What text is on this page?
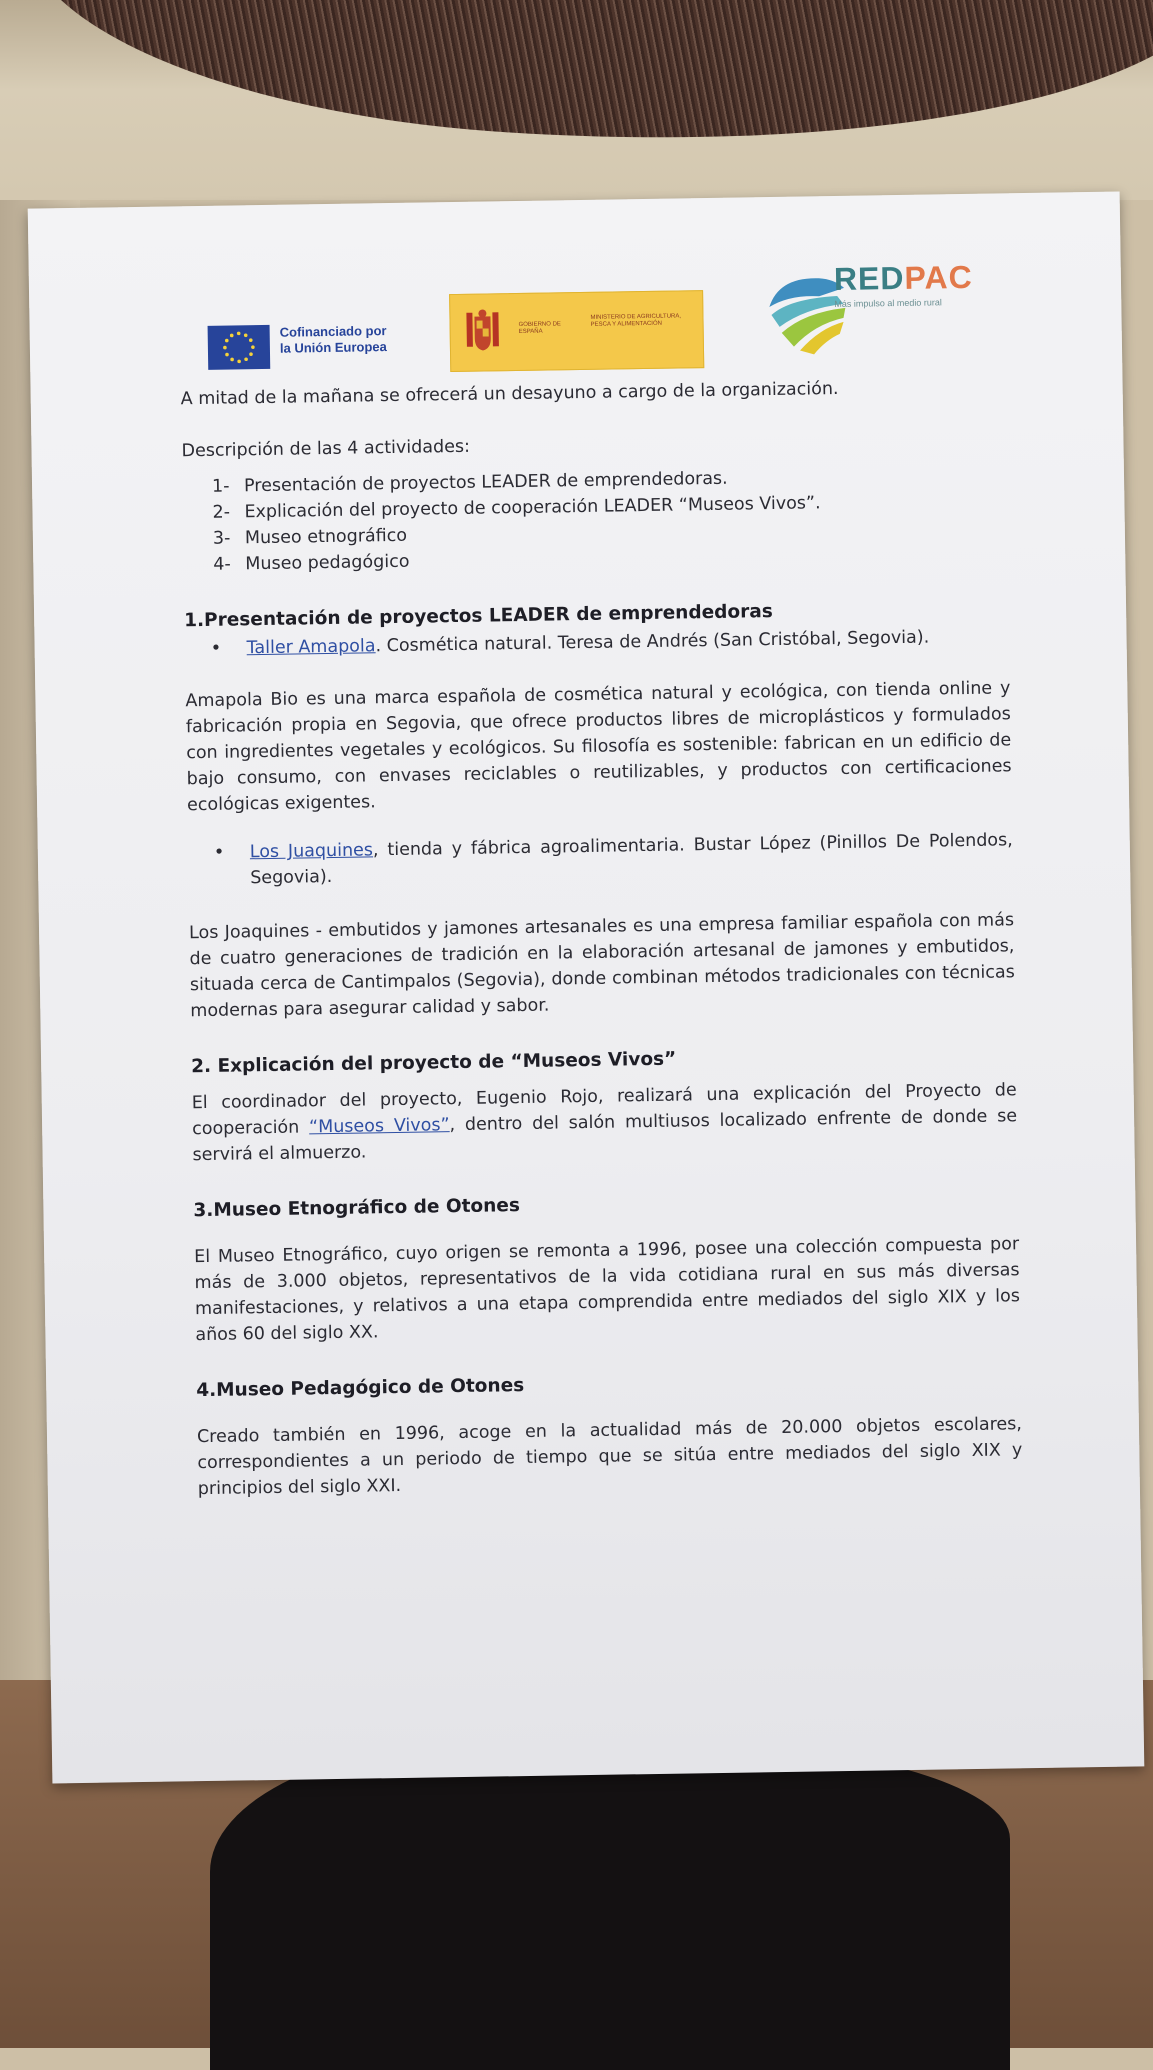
Cofinanciado por
la Unión Europea
GOBIERNO DE ESPAÑA
MINISTERIO DE AGRICULTURA, PESCA Y ALIMENTACIÓN
REDPAC
Más impulso al medio rural

A mitad de la mañana se ofrecerá un desayuno a cargo de la organización.

Descripción de las 4 actividades:

1- Presentación de proyectos LEADER de emprendedoras.
2- Explicación del proyecto de cooperación LEADER “Museos Vivos”.
3- Museo etnográfico
4- Museo pedagógico
1.Presentación de proyectos LEADER de emprendedoras
• Taller Amapola. Cosmética natural. Teresa de Andrés (San Cristóbal, Segovia).

Amapola Bio es una marca española de cosmética natural y ecológica, con tienda online y fabricación propia en Segovia, que ofrece productos libres de microplásticos y formulados con ingredientes vegetales y ecológicos. Su filosofía es sostenible: fabrican en un edificio de bajo consumo, con envases reciclables o reutilizables, y productos con certificaciones ecológicas exigentes.

• Los Juaquines, tienda y fábrica agroalimentaria. Bustar López (Pinillos De Polendos, Segovia).

Los Joaquines - embutidos y jamones artesanales es una empresa familiar española con más de cuatro generaciones de tradición en la elaboración artesanal de jamones y embutidos, situada cerca de Cantimpalos (Segovia), donde combinan métodos tradicionales con técnicas modernas para asegurar calidad y sabor.

2. Explicación del proyecto de “Museos Vivos”

El coordinador del proyecto, Eugenio Rojo, realizará una explicación del Proyecto de cooperación “Museos Vivos”, dentro del salón multiusos localizado enfrente de donde se servirá el almuerzo.

3.Museo Etnográfico de Otones

El Museo Etnográfico, cuyo origen se remonta a 1996, posee una colección compuesta por más de 3.000 objetos, representativos de la vida cotidiana rural en sus más diversas manifestaciones, y relativos a una etapa comprendida entre mediados del siglo XIX y los años 60 del siglo XX.

4.Museo Pedagógico de Otones

Creado también en 1996, acoge en la actualidad más de 20.000 objetos escolares, correspondientes a un periodo de tiempo que se sitúa entre mediados del siglo XIX y principios del siglo XXI.
